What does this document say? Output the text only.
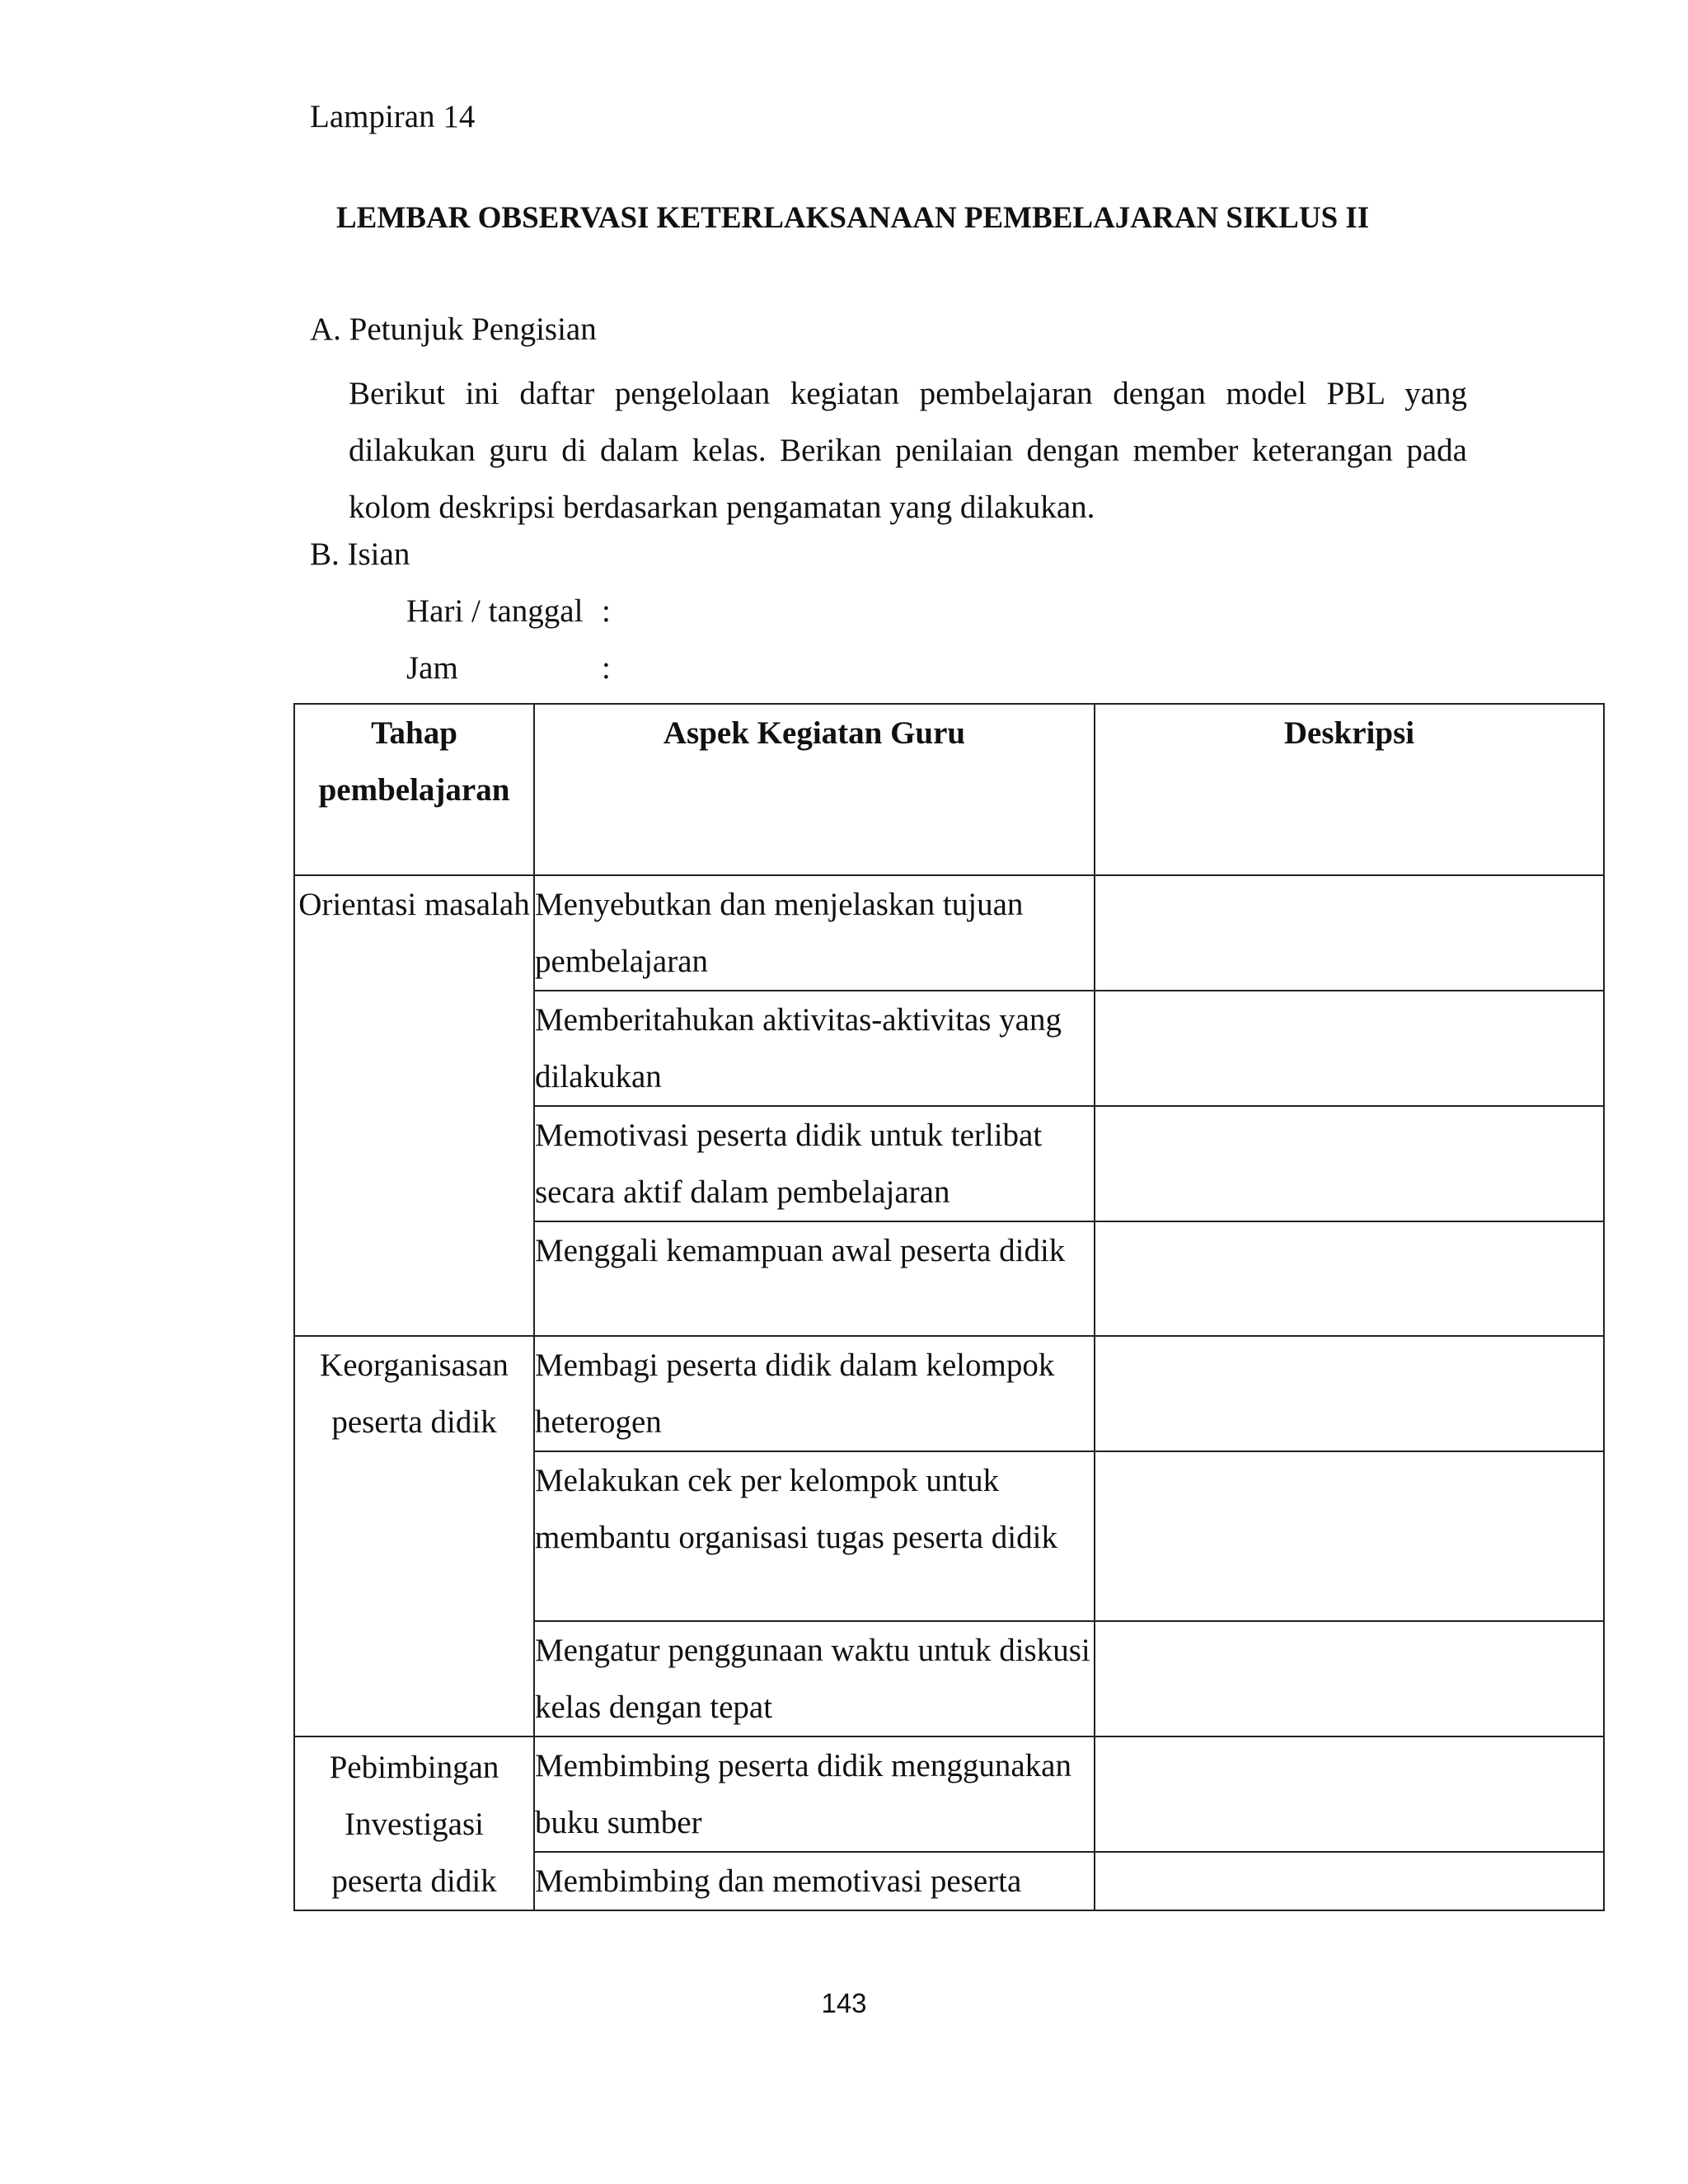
Lampiran 14
LEMBAR OBSERVASI KETERLAKSANAAN PEMBELAJARAN SIKLUS II
A. Petunjuk Pengisian
Berikut ini daftar pengelolaan kegiatan pembelajaran dengan model PBL yang dilakukan guru di dalam kelas. Berikan penilaian dengan member keterangan pada kolom deskripsi berdasarkan pengamatan yang dilakukan.
B. Isian
Hari / tanggal :
Jam	:
Tahap pembelajaran	Aspek Kegiatan Guru	Deskripsi
Orientasi masalah	Menyebutkan dan menjelaskan tujuan pembelajaran	
	Memberitahukan aktivitas-aktivitas yang dilakukan	
	Memotivasi peserta didik untuk terlibat secara aktif dalam pembelajaran	
	Menggali kemampuan awal peserta didik	
Keorganisasan peserta didik	Membagi peserta didik dalam kelompok heterogen	
	Melakukan cek per kelompok untuk membantu organisasi tugas peserta didik	
	Mengatur penggunaan waktu untuk diskusi kelas dengan tepat	
Pebimbingan Investigasi peserta didik	Membimbing peserta didik menggunakan buku sumber	
	Membimbing dan memotivasi peserta	
143
